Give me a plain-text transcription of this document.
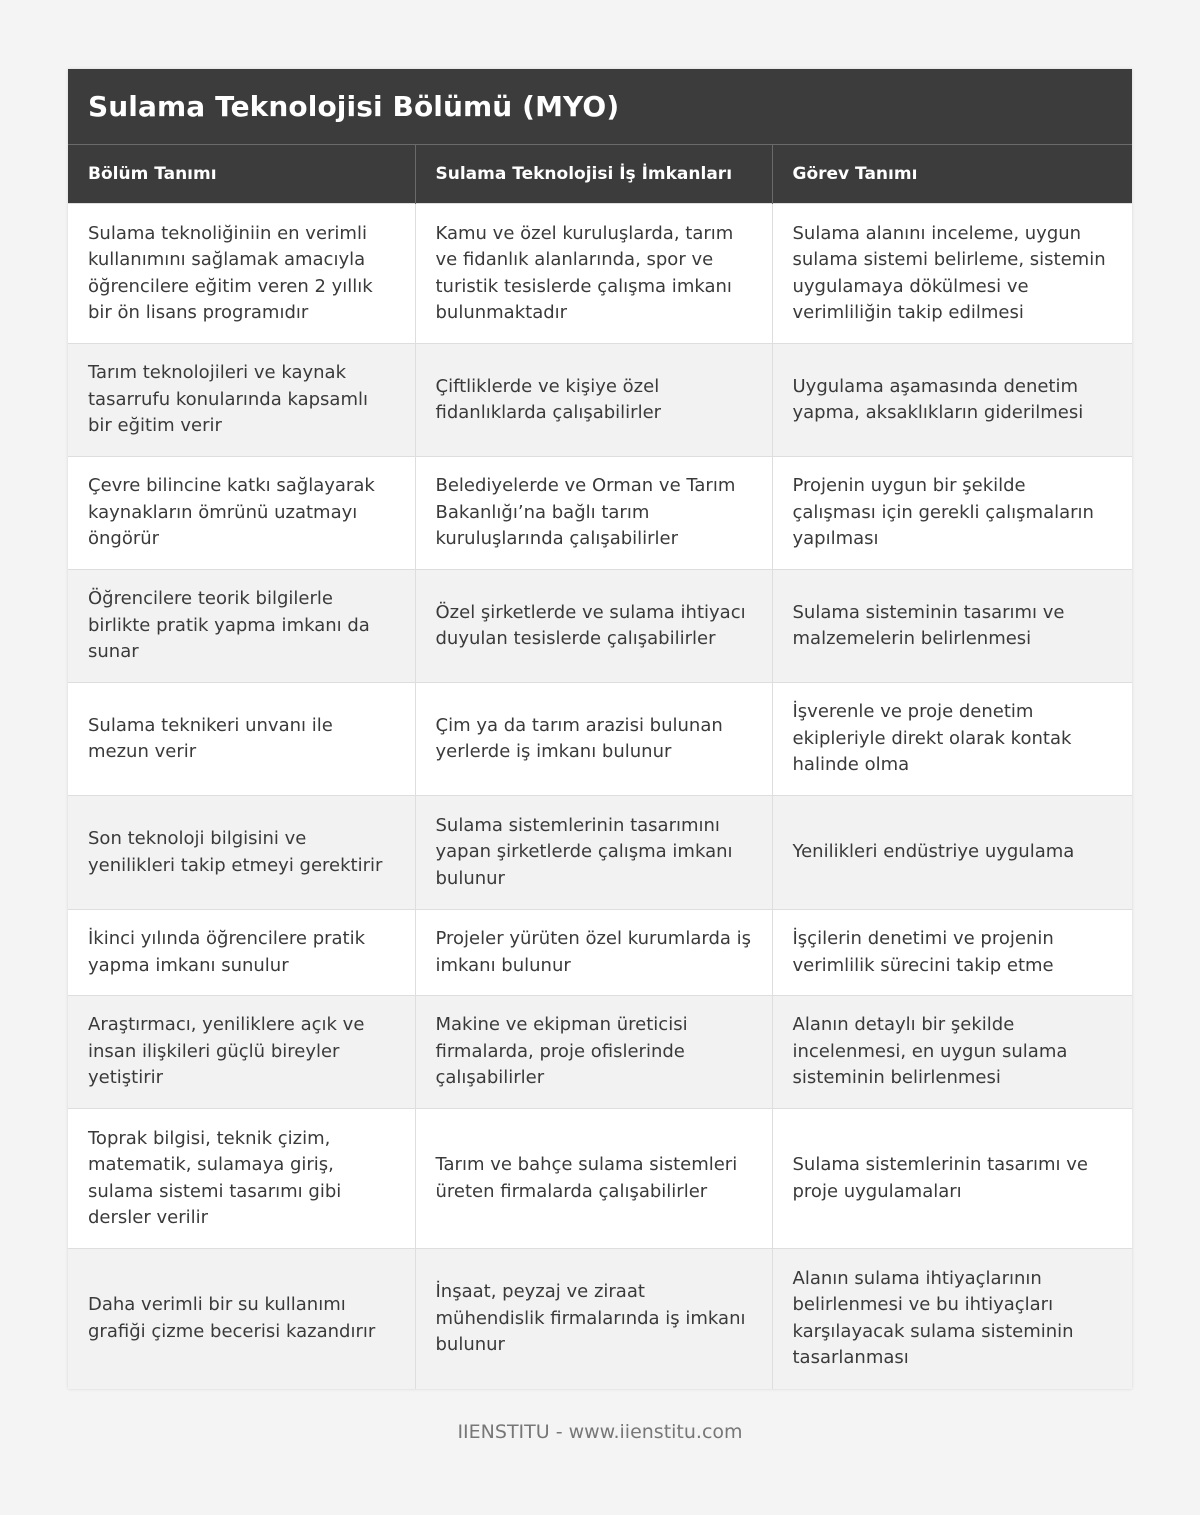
Sulama Teknolojisi Bölümü (MYO)
Bölüm Tanımı	Sulama Teknolojisi İş İmkanları	Görev Tanımı
Sulama teknoliğiniin en verimli kullanımını sağlamak amacıyla öğrencilere eğitim veren 2 yıllık bir ön lisans programıdır	Kamu ve özel kuruluşlarda, tarım ve fidanlık alanlarında, spor ve turistik tesislerde çalışma imkanı bulunmaktadır	Sulama alanını inceleme, uygun sulama sistemi belirleme, sistemin uygulamaya dökülmesi ve verimliliğin takip edilmesi
Tarım teknolojileri ve kaynak tasarrufu konularında kapsamlı bir eğitim verir	Çiftliklerde ve kişiye özel fidanlıklarda çalışabilirler	Uygulama aşamasında denetim yapma, aksaklıkların giderilmesi
Çevre bilincine katkı sağlayarak kaynakların ömrünü uzatmayı öngörür	Belediyelerde ve Orman ve Tarım Bakanlığı’na bağlı tarım kuruluşlarında çalışabilirler	Projenin uygun bir şekilde çalışması için gerekli çalışmaların yapılması
Öğrencilere teorik bilgilerle birlikte pratik yapma imkanı da sunar	Özel şirketlerde ve sulama ihtiyacı duyulan tesislerde çalışabilirler	Sulama sisteminin tasarımı ve malzemelerin belirlenmesi
Sulama teknikeri unvanı ile mezun verir	Çim ya da tarım arazisi bulunan yerlerde iş imkanı bulunur	İşverenle ve proje denetim ekipleriyle direkt olarak kontak halinde olma
Son teknoloji bilgisini ve yenilikleri takip etmeyi gerektirir	Sulama sistemlerinin tasarımını yapan şirketlerde çalışma imkanı bulunur	Yenilikleri endüstriye uygulama
İkinci yılında öğrencilere pratik yapma imkanı sunulur	Projeler yürüten özel kurumlarda iş imkanı bulunur	İşçilerin denetimi ve projenin verimlilik sürecini takip etme
Araştırmacı, yeniliklere açık ve insan ilişkileri güçlü bireyler yetiştirir	Makine ve ekipman üreticisi firmalarda, proje ofislerinde çalışabilirler	Alanın detaylı bir şekilde incelenmesi, en uygun sulama sisteminin belirlenmesi
Toprak bilgisi, teknik çizim, matematik, sulamaya giriş, sulama sistemi tasarımı gibi dersler verilir	Tarım ve bahçe sulama sistemleri üreten firmalarda çalışabilirler	Sulama sistemlerinin tasarımı ve proje uygulamaları
Daha verimli bir su kullanımı grafiği çizme becerisi kazandırır	İnşaat, peyzaj ve ziraat mühendislik firmalarında iş imkanı bulunur	Alanın sulama ihtiyaçlarının belirlenmesi ve bu ihtiyaçları karşılayacak sulama sisteminin tasarlanması
IIENSTITU - www.iienstitu.com
